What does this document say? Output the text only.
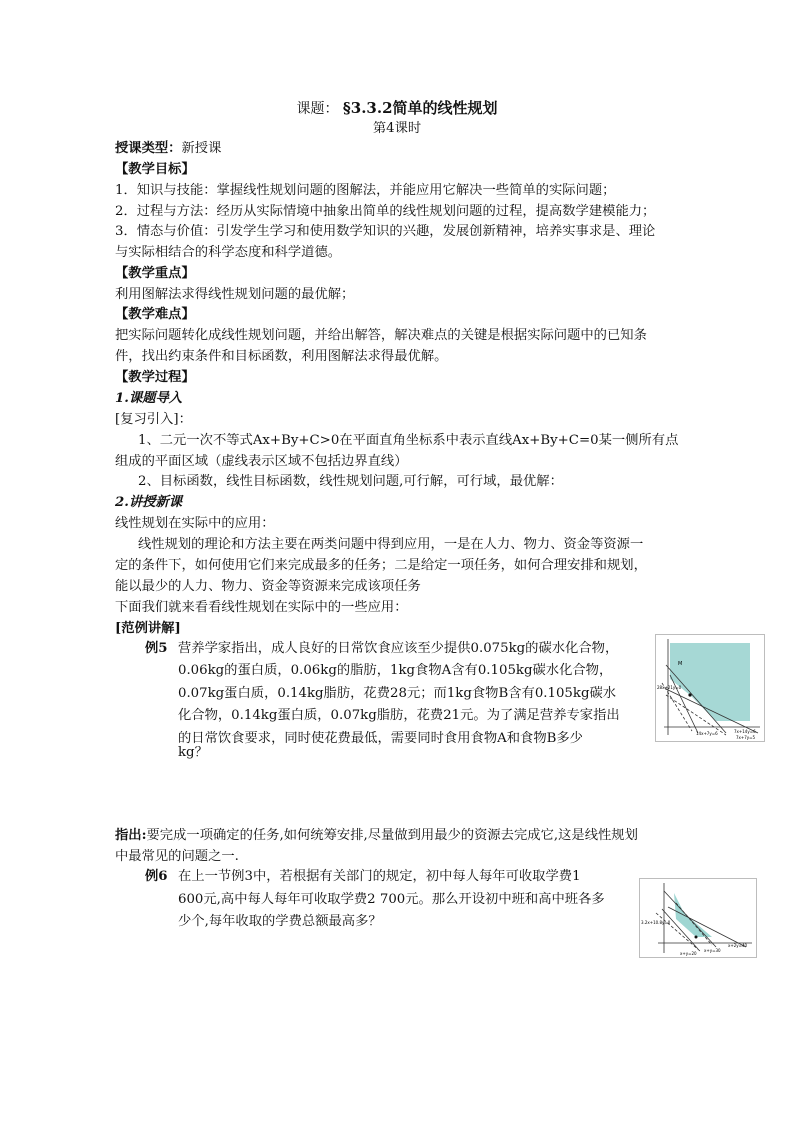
课题： §3.3.2简单的线性规划
第4课时
授课类型：新授课
【教学目标】
1．知识与技能：掌握线性规划问题的图解法，并能应用它解决一些简单的实际问题；
2．过程与方法：经历从实际情境中抽象出简单的线性规划问题的过程，提高数学建模能力；
3．情态与价值：引发学生学习和使用数学知识的兴趣，发展创新精神，培养实事求是、理论
与实际相结合的科学态度和科学道德。
【教学重点】
利用图解法求得线性规划问题的最优解；
【教学难点】
把实际问题转化成线性规划问题，并给出解答，解决难点的关键是根据实际问题中的已知条
件，找出约束条件和目标函数，利用图解法求得最优解。
【教学过程】
1.课题导入
[复习引入]：
1、二元一次不等式Ax+By+C>0在平面直角坐标系中表示直线Ax+By+C=0某一侧所有点
组成的平面区域（虚线表示区域不包括边界直线）
2、目标函数，线性目标函数，线性规划问题,可行解，可行域，最优解：
2.讲授新课
线性规划在实际中的应用：
线性规划的理论和方法主要在两类问题中得到应用，一是在人力、物力、资金等资源一
定的条件下，如何使用它们来完成最多的任务；二是给定一项任务，如何合理安排和规划，
能以最少的人力、物力、资金等资源来完成该项任务
下面我们就来看看线性规划在实际中的一些应用：
[范例讲解]
例5 营养学家指出，成人良好的日常饮食应该至少提供0.075kg的碳水化合物，
0.06kg的蛋白质，0.06kg的脂肪，1kg食物A含有0.105kg碳水化合物，
0.07kg蛋白质，0.14kg脂肪，花费28元；而1kg食物B含有0.105kg碳水
化合物，0.14kg蛋白质，0.07kg脂肪，花费21元。为了满足营养专家指出
的日常饮食要求，同时使花费最低，需要同时食用食物A和食物B多少
kg？
M
28x+21y=0
14x+7y=6	7x+14y=6
7x+7y=5
指出:要完成一项确定的任务,如何统筹安排,尽量做到用最少的资源去完成它,这是线性规划
中最常见的问题之一.
例6 在上一节例3中，若根据有关部门的规定，初中每人每年可收取学费1
600元,高中每人每年可收取学费2 700元。那么开设初中班和高中班各多
少个,每年收取的学费总额最高多？	3.2x+10.8y=0
x+y=30
x+2y=40
x+y=20
